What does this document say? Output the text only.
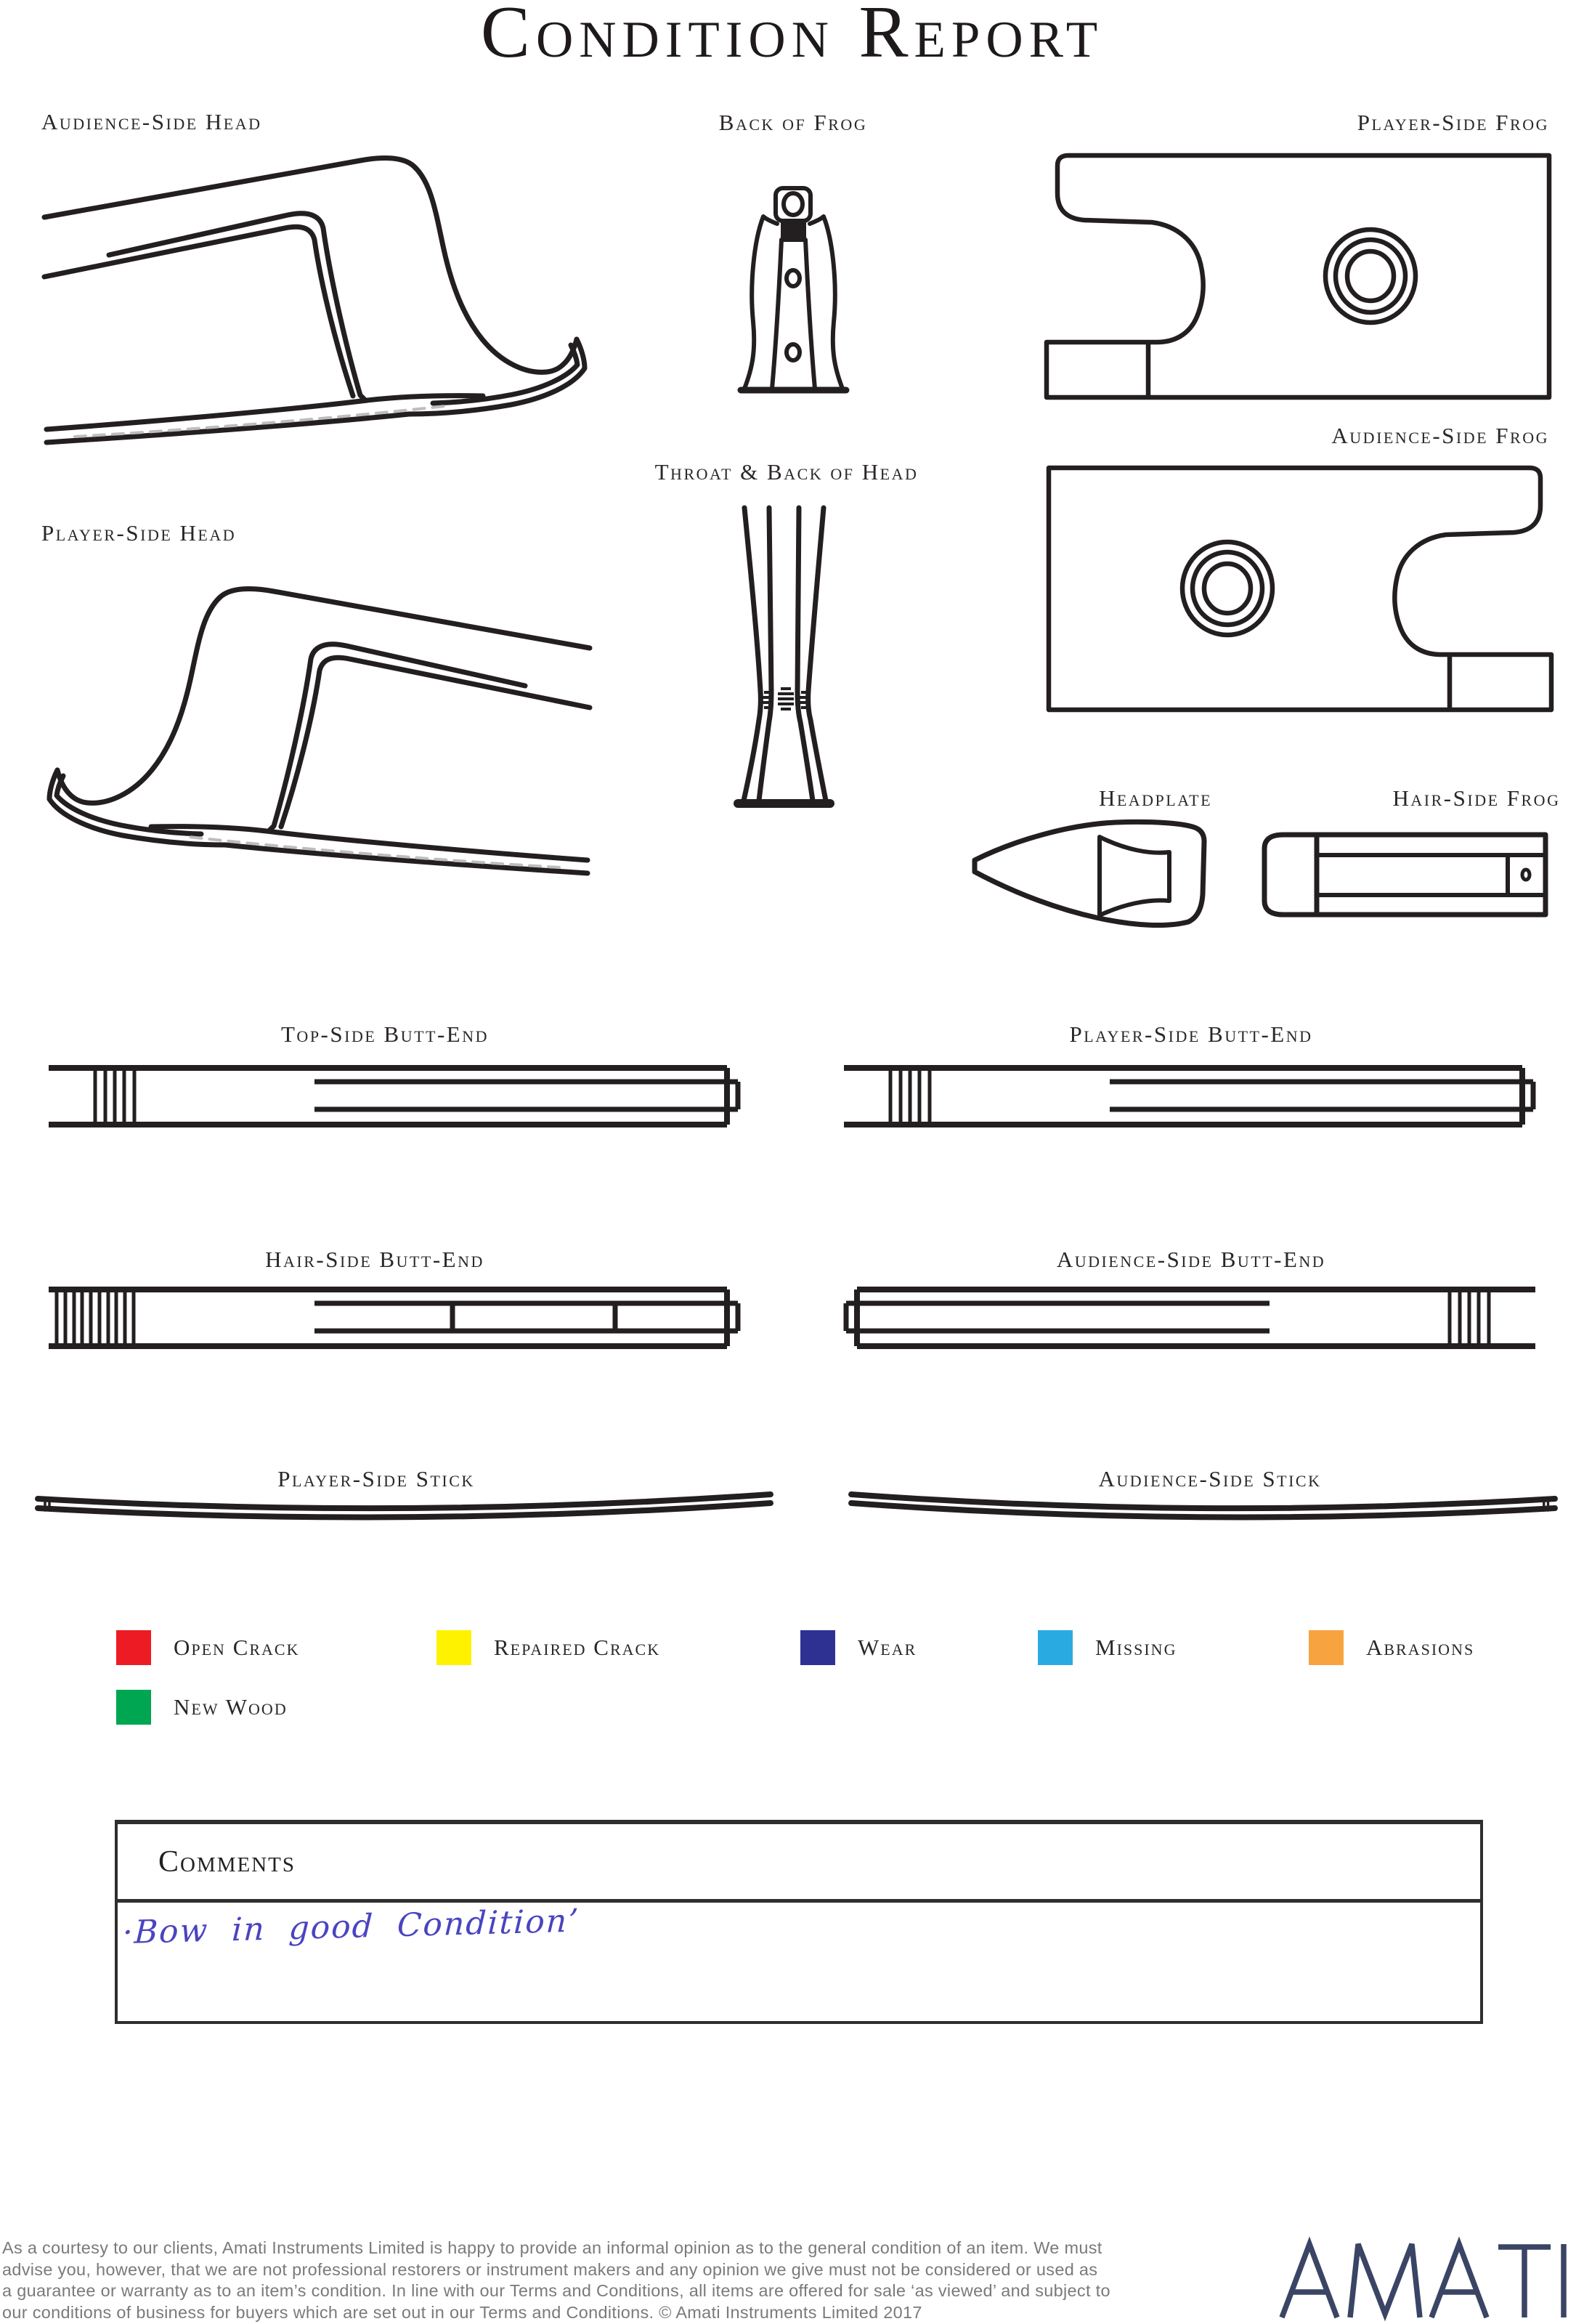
Condition Report
Audience-Side Head	Back of Frog	Player-Side Frog
Audience-Side Frog
Player-Side Head
Throat & Back of Head
Headplate	Hair-Side Frog
Top-Side Butt-End	Player-Side Butt-End
Hair-Side Butt-End	Audience-Side Butt-End
Player-Side Stick	Audience-Side Stick
Open Crack	Repaired Crack	Wear	Missing	Abrasions
New Wood
Comments
·Bow in good Condition’
As a courtesy to our clients, Amati Instruments Limited is happy to provide an informal opinion as to the general condition of an item. We must
advise you, however, that we are not professional restorers or instrument makers and any opinion we give must not be considered or used as
a guarantee or warranty as to an item’s condition. In line with our Terms and Conditions, all items are offered for sale ‘as viewed’ and subject to
our conditions of business for buyers which are set out in our Terms and Conditions. © Amati Instruments Limited 2017
